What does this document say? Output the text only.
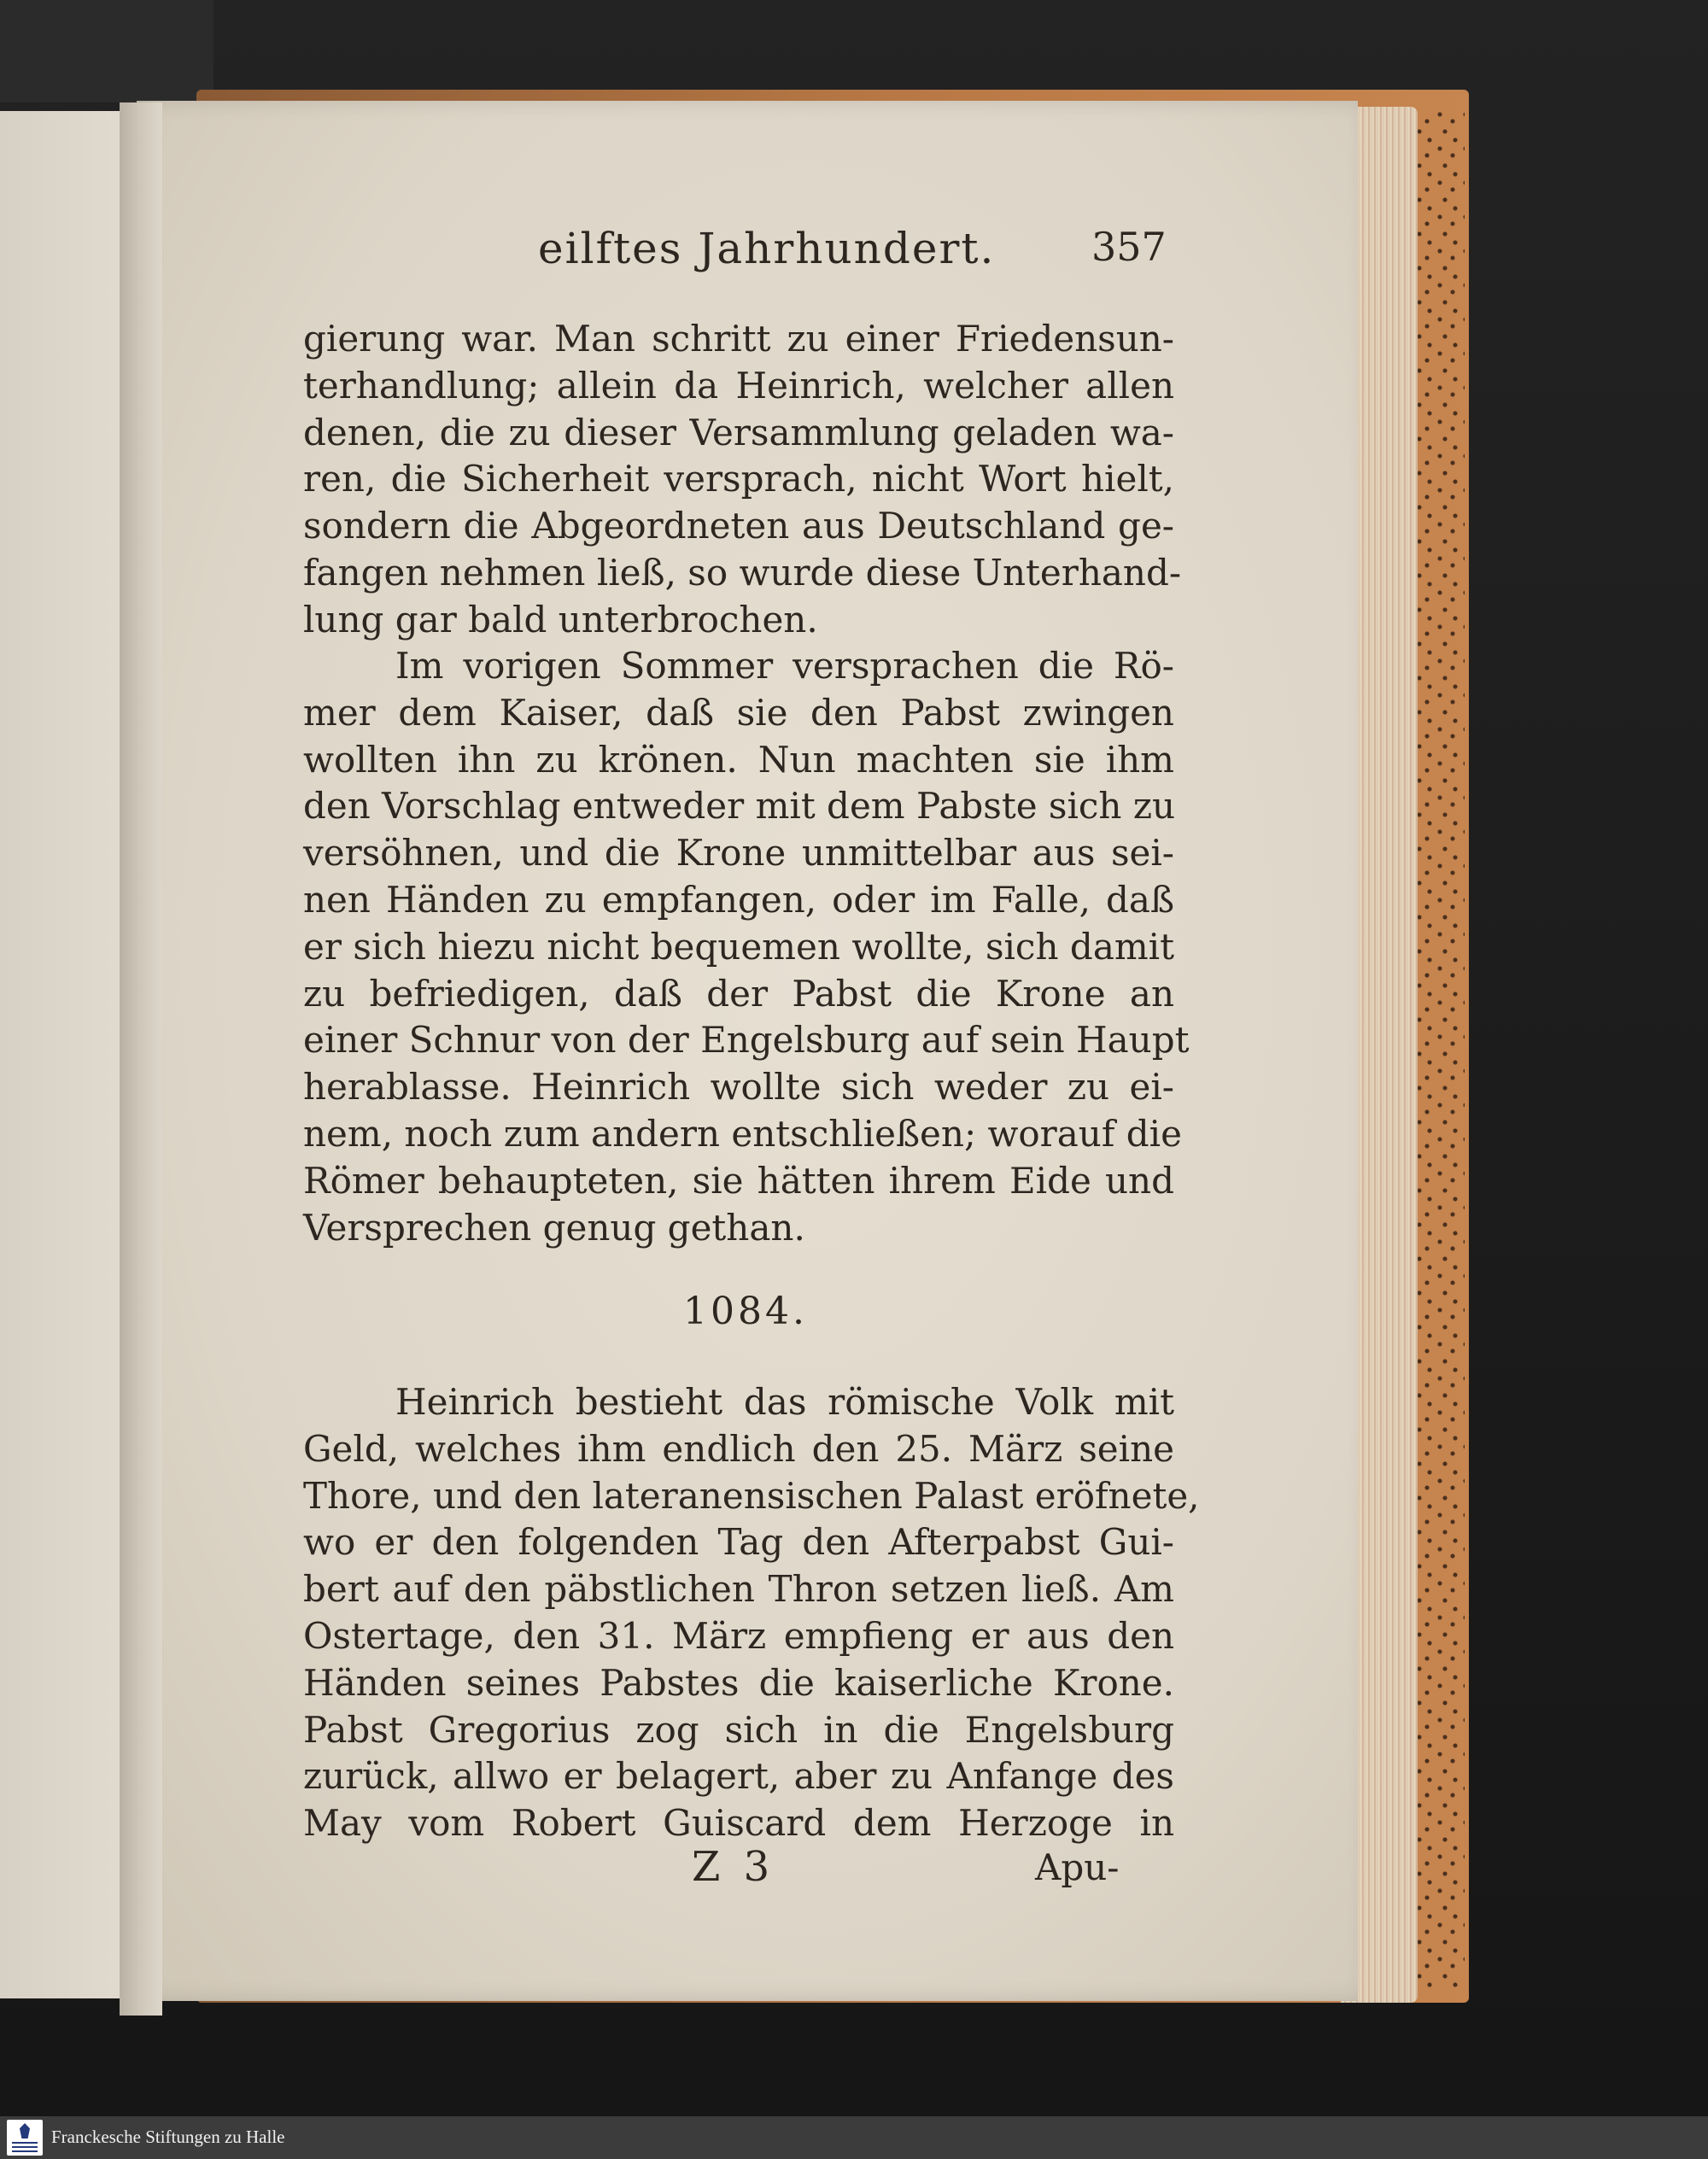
eilftes Jahrhundert. 357
gierung war. Man schritt zu einer Friedensun-
terhandlung; allein da Heinrich, welcher allen
denen, die zu dieser Versammlung geladen wa-
ren, die Sicherheit versprach, nicht Wort hielt,
sondern die Abgeordneten aus Deutschland ge-
fangen nehmen ließ, so wurde diese Unterhand-
lung gar bald unterbrochen.
Im vorigen Sommer versprachen die Rö-
mer dem Kaiser, daß sie den Pabst zwingen
wollten ihn zu krönen. Nun machten sie ihm
den Vorschlag entweder mit dem Pabste sich zu
versöhnen, und die Krone unmittelbar aus sei-
nen Händen zu empfangen, oder im Falle, daß
er sich hiezu nicht bequemen wollte, sich damit
zu befriedigen, daß der Pabst die Krone an
einer Schnur von der Engelsburg auf sein Haupt
herablasse. Heinrich wollte sich weder zu ei-
nem, noch zum andern entschließen; worauf die
Römer behaupteten, sie hätten ihrem Eide und
Versprechen genug gethan.
1084.
Heinrich bestieht das römische Volk mit
Geld, welches ihm endlich den 25. März seine
Thore, und den lateranensischen Palast eröfnete,
wo er den folgenden Tag den Afterpabst Gui-
bert auf den päbstlichen Thron setzen ließ. Am
Ostertage, den 31. März empfieng er aus den
Händen seines Pabstes die kaiserliche Krone.
Pabst Gregorius zog sich in die Engelsburg
zurück, allwo er belagert, aber zu Anfange des
May vom Robert Guiscard dem Herzoge in
Z 3	Apu-
Franckesche Stiftungen zu Halle
